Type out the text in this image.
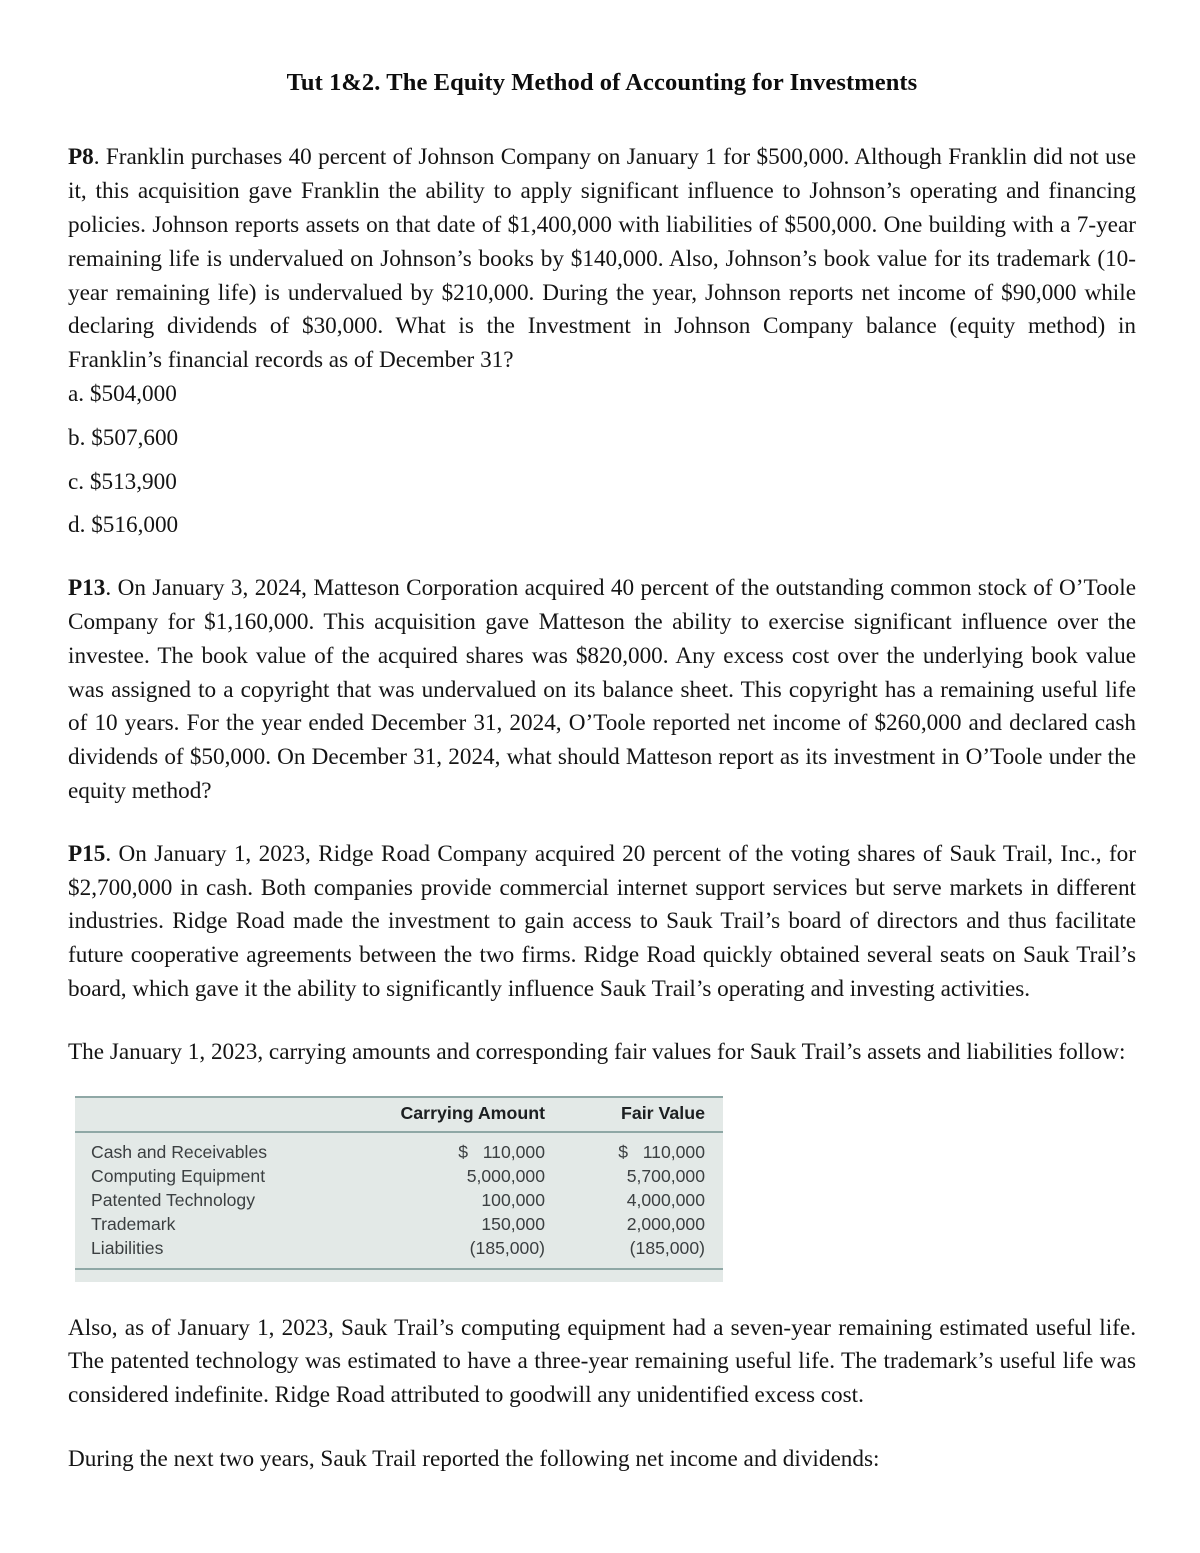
Tut 1&2. The Equity Method of Accounting for Investments

P8. Franklin purchases 40 percent of Johnson Company on January 1 for $500,000. Although Franklin did not use it, this acquisition gave Franklin the ability to apply significant influence to Johnson’s operating and financing policies. Johnson reports assets on that date of $1,400,000 with liabilities of $500,000. One building with a 7-year remaining life is undervalued on Johnson’s books by $140,000. Also, Johnson’s book value for its trademark (10-year remaining life) is undervalued by $210,000. During the year, Johnson reports net income of $90,000 while declaring dividends of $30,000. What is the Investment in Johnson Company balance (equity method) in Franklin’s financial records as of December 31?

a. $504,000

b. $507,600

c. $513,900

d. $516,000

P13. On January 3, 2024, Matteson Corporation acquired 40 percent of the outstanding common stock of O’Toole Company for $1,160,000. This acquisition gave Matteson the ability to exercise significant influence over the investee. The book value of the acquired shares was $820,000. Any excess cost over the underlying book value was assigned to a copyright that was undervalued on its balance sheet. This copyright has a remaining useful life of 10 years. For the year ended December 31, 2024, O’Toole reported net income of $260,000 and declared cash dividends of $50,000. On December 31, 2024, what should Matteson report as its investment in O’Toole under the equity method?

P15. On January 1, 2023, Ridge Road Company acquired 20 percent of the voting shares of Sauk Trail, Inc., for $2,700,000 in cash. Both companies provide commercial internet support services but serve markets in different industries. Ridge Road made the investment to gain access to Sauk Trail’s board of directors and thus facilitate future cooperative agreements between the two firms. Ridge Road quickly obtained several seats on Sauk Trail’s board, which gave it the ability to significantly influence Sauk Trail’s operating and investing activities.

The January 1, 2023, carrying amounts and corresponding fair values for Sauk Trail’s assets and liabilities follow:

	Carrying Amount	Fair Value	
Cash and Receivables	$   110,000	$   110,000	
Computing Equipment	5,000,000	5,700,000	
Patented Technology	100,000	4,000,000	
Trademark	150,000	2,000,000	
Liabilities	(185,000)	(185,000)	

Also, as of January 1, 2023, Sauk Trail’s computing equipment had a seven-year remaining estimated useful life. The patented technology was estimated to have a three-year remaining useful life. The trademark’s useful life was considered indefinite. Ridge Road attributed to goodwill any unidentified excess cost.

During the next two years, Sauk Trail reported the following net income and dividends:
